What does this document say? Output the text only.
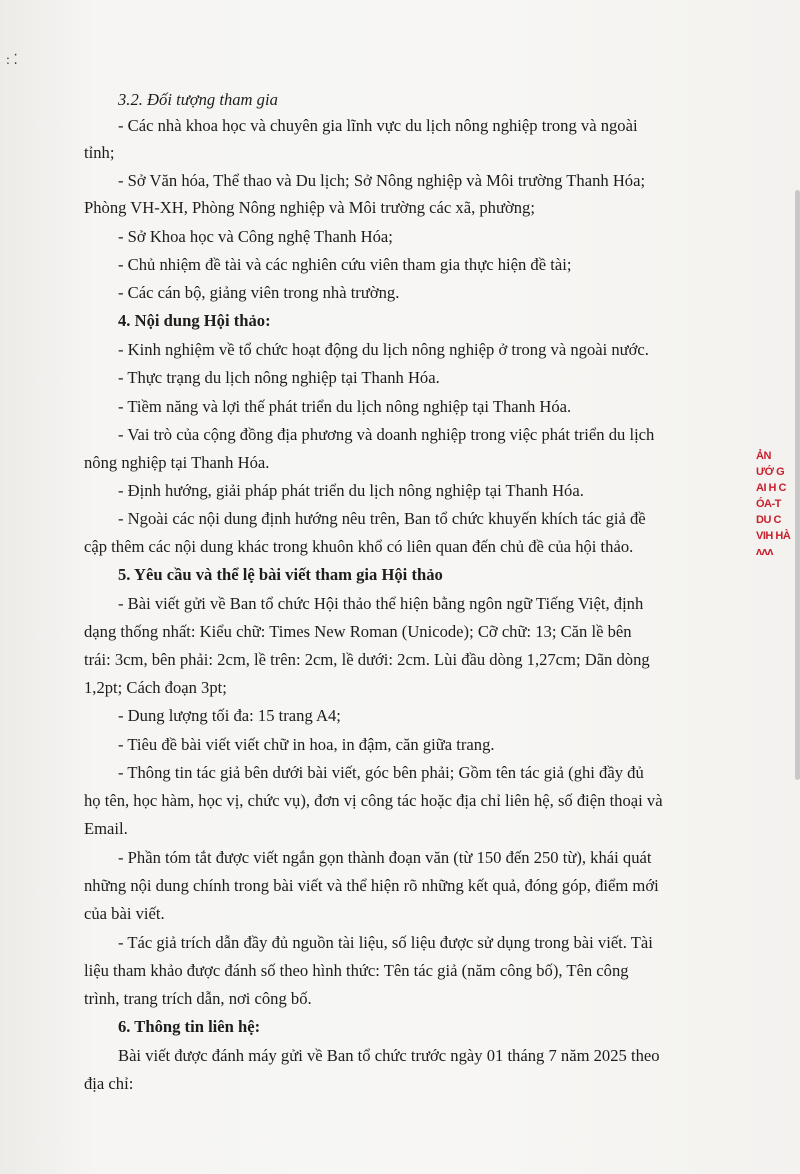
: ⁚
3.2. Đối tượng tham gia
- Các nhà khoa học và chuyên gia lĩnh vực du lịch nông nghiệp trong và ngoài
tỉnh;
- Sở Văn hóa, Thể thao và Du lịch; Sở Nông nghiệp và Môi trường Thanh Hóa;
Phòng VH-XH, Phòng Nông nghiệp và Môi trường các xã, phường;
- Sở Khoa học và Công nghệ Thanh Hóa;
- Chủ nhiệm đề tài và các nghiên cứu viên tham gia thực hiện đề tài;
- Các cán bộ, giảng viên trong nhà trường.
4. Nội dung Hội thảo:
- Kinh nghiệm về tổ chức hoạt động du lịch nông nghiệp ở trong và ngoài nước.
- Thực trạng du lịch nông nghiệp tại Thanh Hóa.
- Tiềm năng và lợi thế phát triển du lịch nông nghiệp tại Thanh Hóa.
- Vai trò của cộng đồng địa phương và doanh nghiệp trong việc phát triển du lịch
nông nghiệp tại Thanh Hóa.
- Định hướng, giải pháp phát triển du lịch nông nghiệp tại Thanh Hóa.
- Ngoài các nội dung định hướng nêu trên, Ban tổ chức khuyến khích tác giả đề
cập thêm các nội dung khác trong khuôn khổ có liên quan đến chủ đề của hội thảo.
5. Yêu cầu và thể lệ bài viết tham gia Hội thảo
- Bài viết gửi về Ban tổ chức Hội thảo thể hiện bằng ngôn ngữ Tiếng Việt, định
dạng thống nhất: Kiểu chữ: Times New Roman (Unicode); Cỡ chữ: 13; Căn lề bên
trái: 3cm, bên phải: 2cm, lề trên: 2cm, lề dưới: 2cm. Lùi đầu dòng 1,27cm; Dãn dòng
1,2pt; Cách đoạn 3pt;
- Dung lượng tối đa: 15 trang A4;
- Tiêu đề bài viết viết chữ in hoa, in đậm, căn giữa trang.
- Thông tin tác giả bên dưới bài viết, góc bên phải; Gồm tên tác giả (ghi đầy đủ
họ tên, học hàm, học vị, chức vụ), đơn vị công tác hoặc địa chỉ liên hệ, số điện thoại và
Email.
- Phần tóm tắt được viết ngắn gọn thành đoạn văn (từ 150 đến 250 từ), khái quát
những nội dung chính trong bài viết và thể hiện rõ những kết quả, đóng góp, điểm mới
của bài viết.
- Tác giả trích dẫn đầy đủ nguồn tài liệu, số liệu được sử dụng trong bài viết. Tài
liệu tham khảo được đánh số theo hình thức: Tên tác giả (năm công bố), Tên công
trình, trang trích dẫn, nơi công bố.
6. Thông tin liên hệ:
Bài viết được đánh máy gửi về Ban tổ chức trước ngày 01 tháng 7 năm 2025 theo
địa chỉ:
ẢN
ƯỚ G
AI H C
ÓA-T
DU C
VIH HÀ
ᴧᴧᴧ
